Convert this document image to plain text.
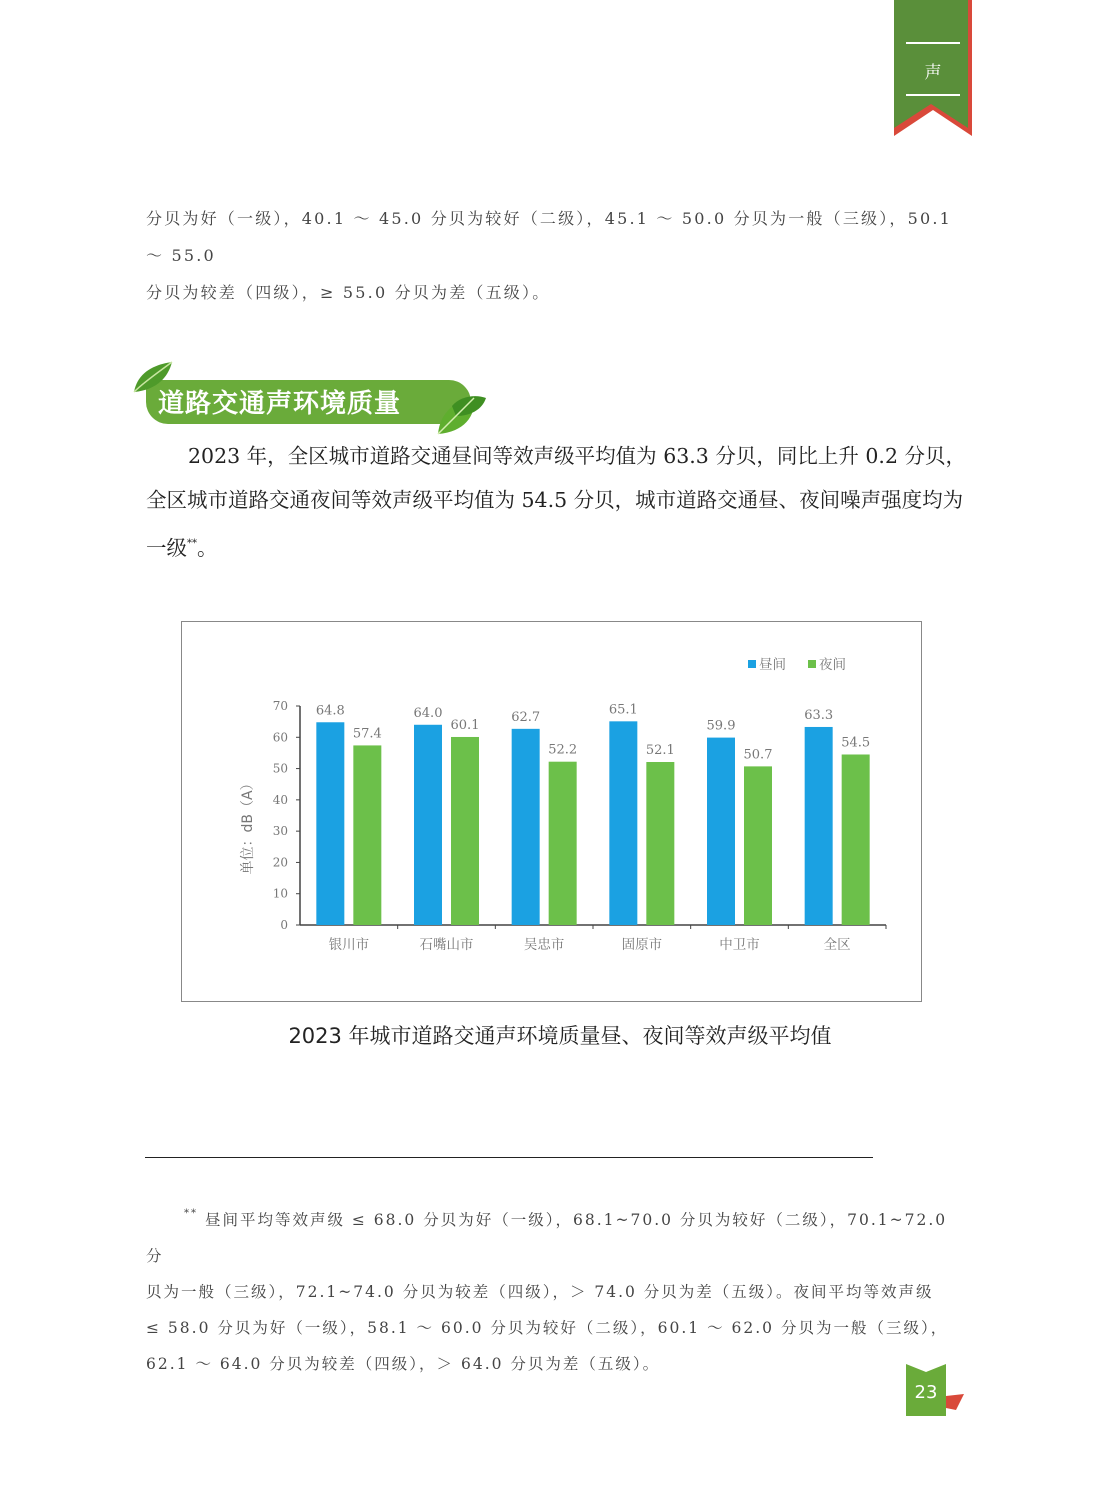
声
分贝为好（一级），40.1 ～ 45.0 分贝为较好（二级），45.1 ～ 50.0 分贝为一般（三级），50.1 ～ 55.0
分贝为较差（四级），≥ 55.0 分贝为差（五级）。
道路交通声环境质量

2023 年，全区城市道路交通昼间等效声级平均值为 63.3 分贝，同比上升 0.2 分贝，全区城市道路交通夜间等效声级平均值为 54.5 分贝，城市道路交通昼、夜间噪声强度均为一级**。

0
10
20
30
40
50
60
70
单位：dB（A）
银川市
64.8
57.4
石嘴山市
64.0
60.1
吴忠市
62.7
52.2
固原市
65.1
52.1
中卫市
59.9
50.7
全区
63.3
54.5
昼间 夜间
2023 年城市道路交通声环境质量昼、夜间等效声级平均值

** 昼间平均等效声级 ≤ 68.0 分贝为好（一级），68.1~70.0 分贝为较好（二级），70.1~72.0 分

贝为一般（三级），72.1~74.0 分贝为较差（四级），＞ 74.0 分贝为差（五级）。夜间平均等效声级

≤ 58.0 分贝为好（一级），58.1 ～ 60.0 分贝为较好（二级），60.1 ～ 62.0 分贝为一般（三级），

62.1 ～ 64.0 分贝为较差（四级），＞ 64.0 分贝为差（五级）。

23
